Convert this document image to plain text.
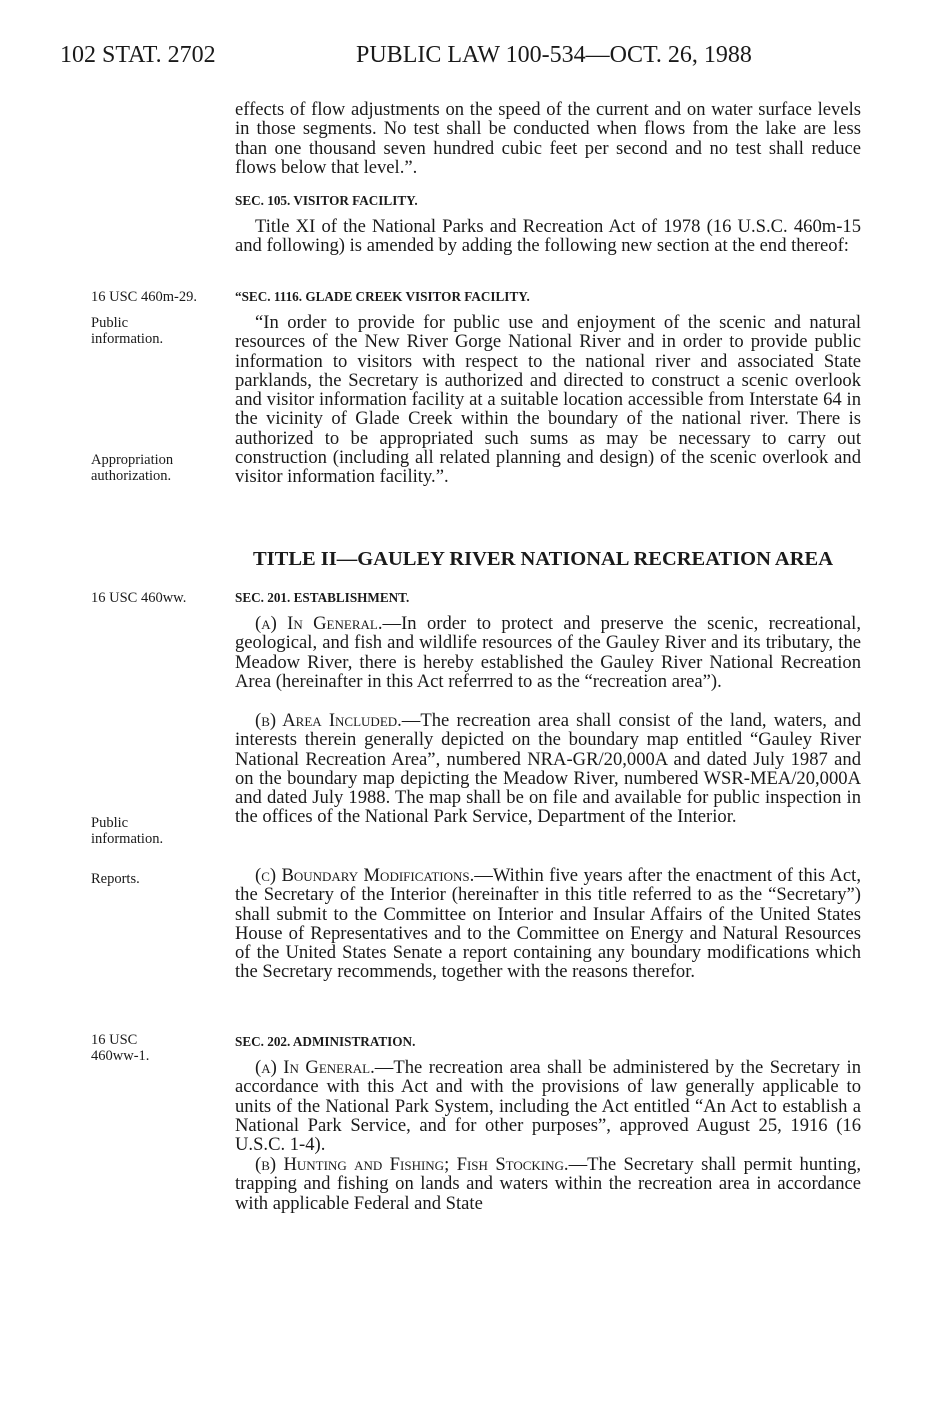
102 STAT. 2702	PUBLIC LAW 100-534—OCT. 26, 1988
16 USC 460m-29.
Public
information.
Appropriation
authorization.
16 USC 460ww.
Public
information.
Reports.
16 USC
460ww-1.

effects of flow adjustments on the speed of the current and on water surface levels in those segments. No test shall be conducted when flows from the lake are less than one thousand seven hundred cubic feet per second and no test shall reduce flows below that level.”.

SEC. 105. VISITOR FACILITY.

Title XI of the National Parks and Recreation Act of 1978 (16 U.S.C. 460m-15 and following) is amended by adding the following new section at the end thereof:

“SEC. 1116. GLADE CREEK VISITOR FACILITY.

“In order to provide for public use and enjoyment of the scenic and natural resources of the New River Gorge National River and in order to provide public information to visitors with respect to the national river and associated State parklands, the Secretary is authorized and directed to construct a scenic overlook and visitor information facility at a suitable location accessible from Interstate 64 in the vicinity of Glade Creek within the boundary of the national river. There is authorized to be appropriated such sums as may be necessary to carry out construction (including all related planning and design) of the scenic overlook and visitor information facility.”.

TITLE II—GAULEY RIVER NATIONAL RECREATION AREA
SEC. 201. ESTABLISHMENT.

(a) In General.—In order to protect and preserve the scenic, recreational, geological, and fish and wildlife resources of the Gauley River and its tributary, the Meadow River, there is hereby established the Gauley River National Recreation Area (hereinafter in this Act referrred to as the “recreation area”).

(b) Area Included.—The recreation area shall consist of the land, waters, and interests therein generally depicted on the boundary map entitled “Gauley River National Recreation Area”, numbered NRA-GR/20,000A and dated July 1987 and on the boundary map depicting the Meadow River, numbered WSR-MEA/20,000A and dated July 1988. The map shall be on file and available for public inspection in the offices of the National Park Service, Department of the Interior.

(c) Boundary Modifications.—Within five years after the enactment of this Act, the Secretary of the Interior (hereinafter in this title referred to as the “Secretary”) shall submit to the Committee on Interior and Insular Affairs of the United States House of Representatives and to the Committee on Energy and Natural Resources of the United States Senate a report containing any boundary modifications which the Secretary recommends, together with the reasons therefor.

SEC. 202. ADMINISTRATION.

(a) In General.—The recreation area shall be administered by the Secretary in accordance with this Act and with the provisions of law generally applicable to units of the National Park System, including the Act entitled “An Act to establish a National Park Service, and for other purposes”, approved August 25, 1916 (16 U.S.C. 1-4).

(b) Hunting and Fishing; Fish Stocking.—The Secretary shall permit hunting, trapping and fishing on lands and waters within the recreation area in accordance with applicable Federal and State
